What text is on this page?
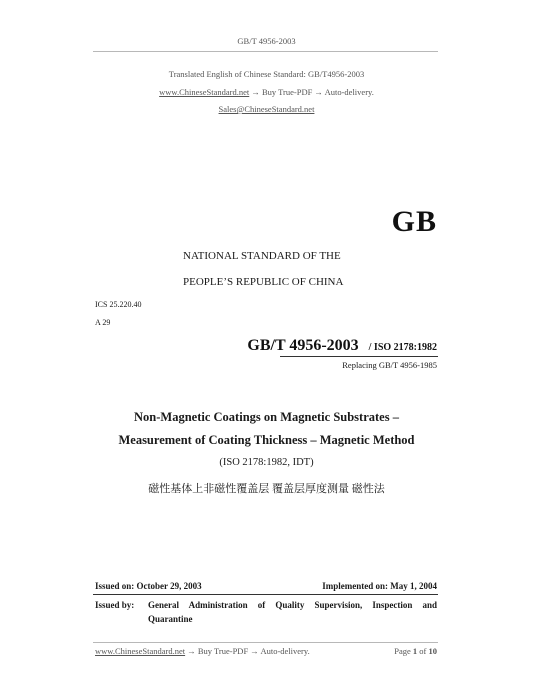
GB/T 4956-2003
Translated English of Chinese Standard: GB/T4956-2003
www.ChineseStandard.net → Buy True-PDF → Auto-delivery.
Sales@ChineseStandard.net
GB
NATIONAL STANDARD OF THE
PEOPLE’S REPUBLIC OF CHINA
ICS 25.220.40
A 29
GB/T 4956-2003 / ISO 2178:1982
Replacing GB/T 4956-1985
Non-Magnetic Coatings on Magnetic Substrates –
Measurement of Coating Thickness – Magnetic Method
(ISO 2178:1982, IDT)
磁性基体上非磁性覆盖层 覆盖层厚度测量 磁性法
Issued on: October 29, 2003	Implemented on: May 1, 2004
Issued by: General Administration of Quality Supervision, Inspection and
Quarantine
www.ChineseStandard.net → Buy True-PDF → Auto-delivery.	Page 1 of 10
